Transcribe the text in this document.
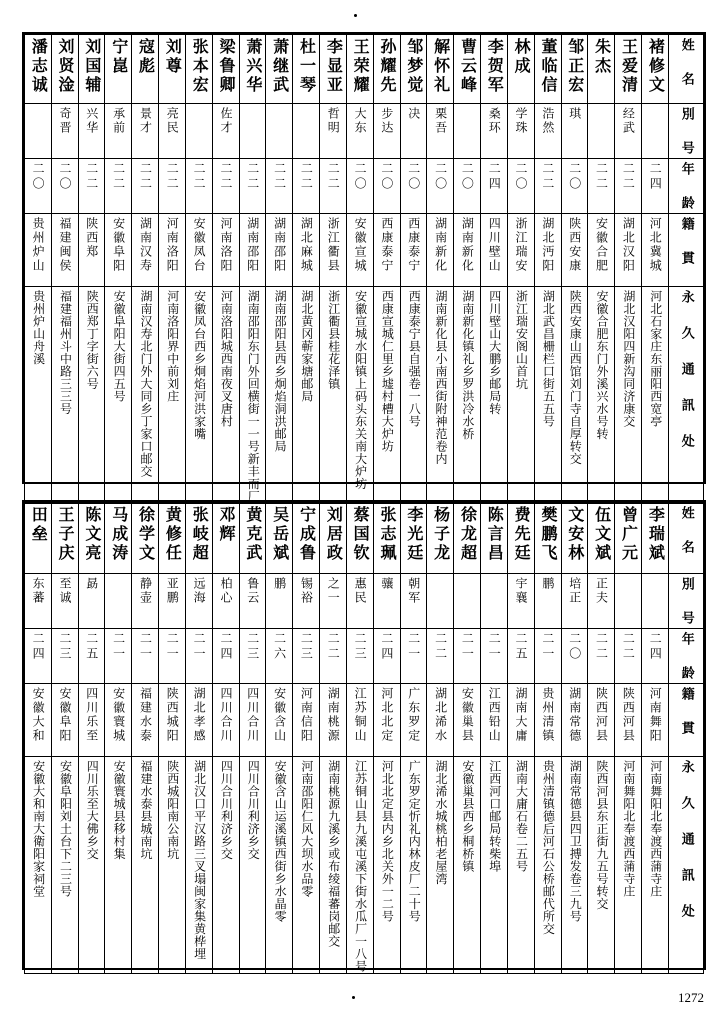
潘志诚	刘贤淦	刘国辅	宁崑	寇彪	刘尊	张本宏	梁鲁卿	萧兴华	萧继武	杜一琴	李显亚	王荣耀	孙耀先	邹梦觉	解怀礼	曹云峰	李贺军	林成	董临信	邹正宏	朱杰	王爱清	褚修文	姓　名

	奇晋	兴华	承前	景才	亮民		佐才				哲明	大东	步达	决	栗吾		桑环	学珠	浩然	琪		经武		別　号

二〇	二〇	二二	二二	二二	二二	二二	二二	二二	二二	二二	二二	二〇	二〇	二〇	二〇	二〇	二四	二〇	二二	二〇	二二	二二	二四	年　龄

贵州炉山	福建闽侯	陕西郑	安徽阜阳	湖南汉寿	河南洛阳	安徽凤台	河南洛阳	湖南邵阳	湖南邵阳	湖北麻城	浙江衢县	安徽宣城	西康泰宁	西康泰宁	湖南新化	湖南新化	四川壁山	浙江瑞安	湖北沔阳	陕西安康	安徽合肥	湖北汉阳	河北冀城	籍　貫

贵州炉山舟溪	福建福州斗中路三三号	陕西郑丁字街六号	安徽阜阳大街四五号	湖南汉寿北门外大同乡丁家口邮交	河南洛阳界中前刘庄	安徽凤台西乡炯焰河洪家嘴	河南洛阳城西南夜叉唐村	湖南邵阳东门外回横街一一号新丰而厂	湖南邵阳县西乡炯焰洞洪邮局	湖北黄冈蕲家塘邮局	浙江衢县桂花泽镇	安徽宣城水阳镇上码头东关南大炉坊	西康宣城仁里乡墟村槽大炉坊	西康泰宁县自强卷一八号	湖南新化县小南西街附神范卷内	湖南新化镇礼乡罗洪冷水桥	四川壁山大鹏乡邮局转	浙江瑞安阁山首坑	湖北武昌栅栏口街五五号	陕西安康山西馆刘门寺自厚转交	安徽合肥东门外溪兴水号转	湖北汉阳四新沟同济康交	河北石家庄东丽阳西宽亭	永 久 通 訊 处
田垒	王子庆	陈文亮	马成涛	徐学文	黄修任	张岐超	邓辉	黄克武	吴岳斌	宁成鲁	刘居政	蔡国钦	张志珮	李光廷	杨子龙	徐龙超	陈言昌	费先廷	樊鹏飞	文安林	伍文斌	曾广元	李瑞斌	姓　名

东蕃	至诚	勗		静壶	亚鹏	远海	柏心	鲁云	鹏	锡裕	之一	惠民	骧	朝军				宇襄	鹏	培正	正夫			別　号

二四	二三	二五	二一	二一	二一	二一	二四	二三	二六	二三	二二	二三	二四	二一	二二	二一	二一	二五	二一	二〇	二二	二二	二四	年　龄

安徽大和	安徽阜阳	四川乐至	安徽寰城	福建水泰	陕西城阳	湖北孝感	四川合川	四川合川	安徽含山	河南信阳	湖南桃源	江苏铜山	河北北定	广东罗定	湖北浠水	安徽巢县	江西铅山	湖南大庸	贵州清镇	湖南常德	陕西河县	陕西河县	河南舞阳	籍　貫

安徽大和南大衛阳家祠堂	安徽阜阳刘土台下二三号	四川乐至大佛乡交	安徽寰城县移村集	福建水泰县城南坑	陕西城阳南公南坑	湖北汉口平汉路三叉塌闽家集黄桦埋	四川合川利济乡交	四川合川利济乡交	安徽含山运溪镇西街乡水晶零	河南邵阳仁风大坝水品零	湖南桃源九溪乡或布绫福蕃岗邮交	江苏铜山县九溪屯溪下街水瓜厂一八号	河北北定县内乡北关外一二号	广东罗定忻礼内林皮厂二十号	湖北浠水城桃柏老屋湾	安徽巢县西乡桐桥镇	江西河口邮局转柴埠	湖南大庸石卷二五号	贵州清镇德后河石公桥邮代所交	湖南常德县四卫搏发卷三九号	陕西河县东正街九五号转交	河南舞阳北奉渡西蒲寺庄	河南舞阳北奉渡西蒲寺庄	永 久 通 訊 处
1272
